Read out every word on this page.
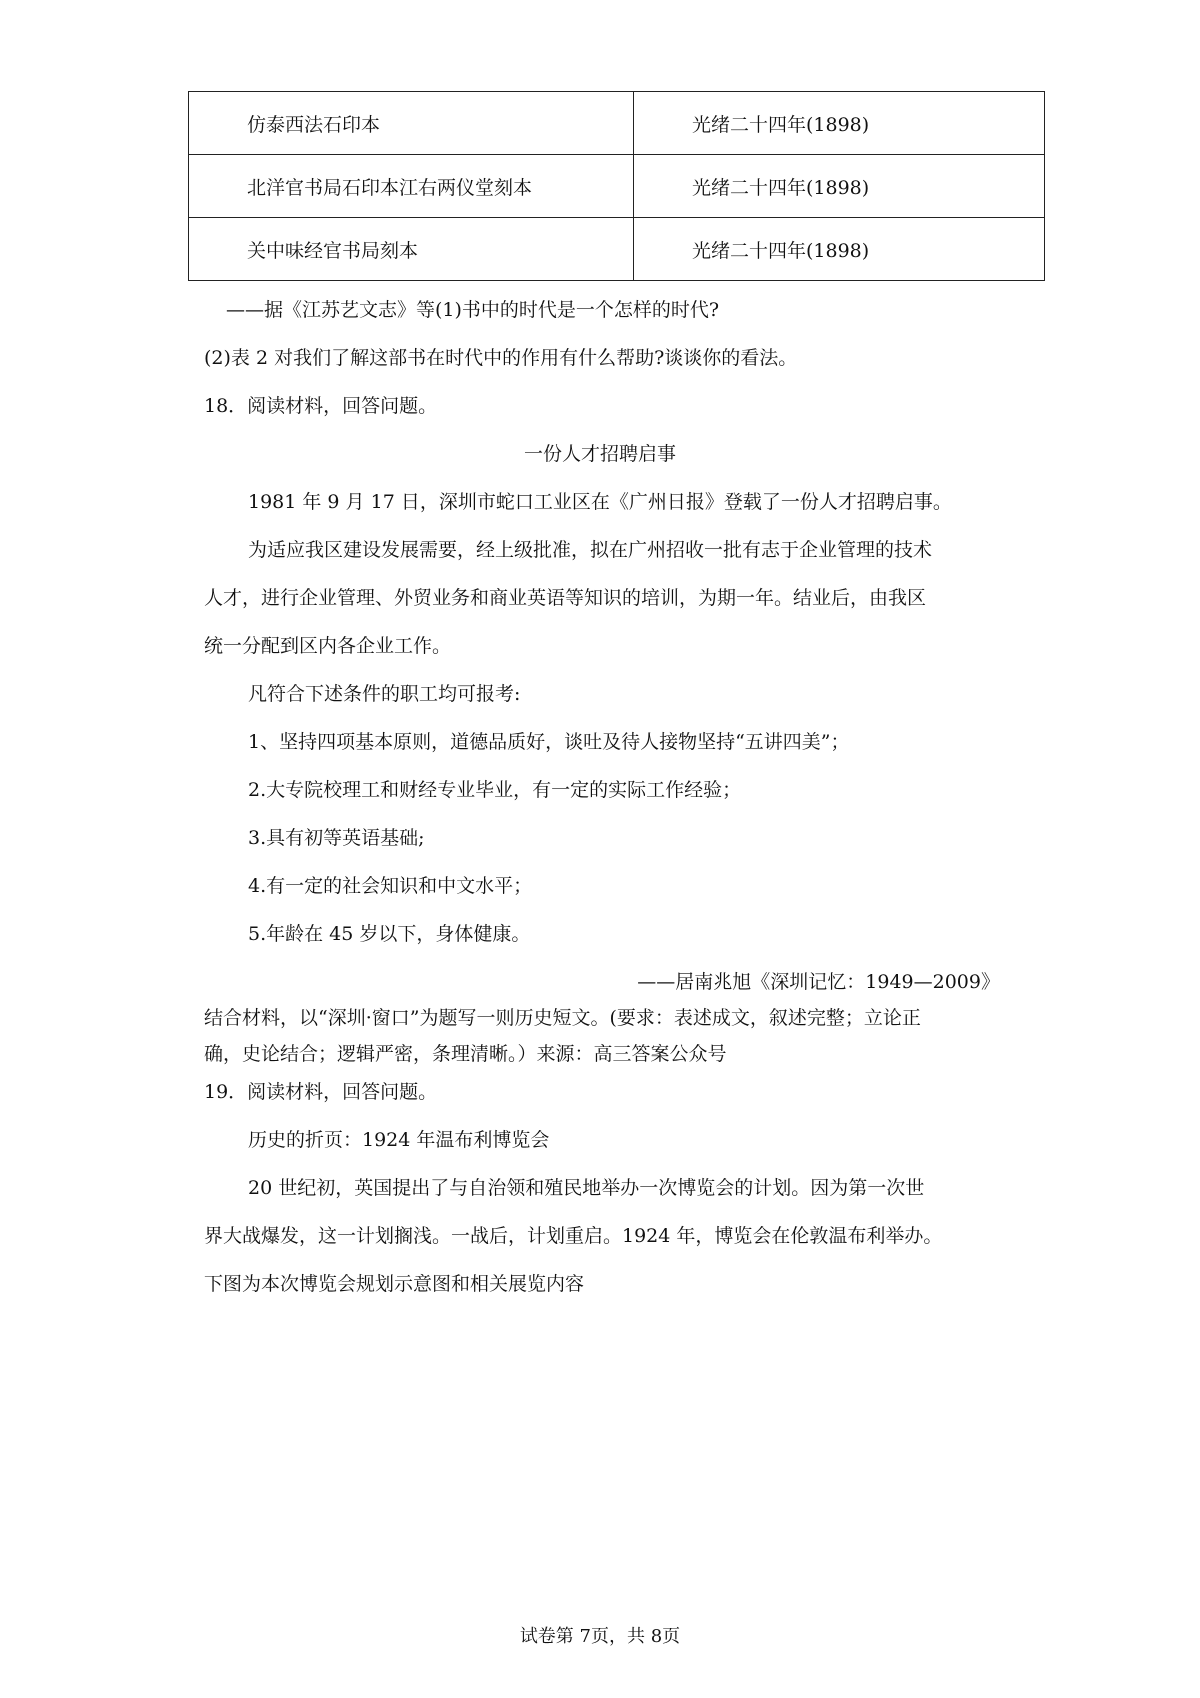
仿泰西法石印本	光绪二十四年(1898)
北洋官书局石印本江右两仪堂刻本	光绪二十四年(1898)
关中味经官书局刻本	光绪二十四年(1898)
——据《江苏艺文志》等(1)书中的时代是一个怎样的时代?
(2)表 2 对我们了解这部书在时代中的作用有什么帮助?谈谈你的看法。
18．阅读材料，回答问题。
一份人才招聘启事
1981 年 9 月 17 日，深圳市蛇口工业区在《广州日报》登载了一份人才招聘启事。
为适应我区建设发展需要，经上级批准，拟在广州招收一批有志于企业管理的技术
人才，进行企业管理、外贸业务和商业英语等知识的培训，为期一年。结业后，由我区
统一分配到区内各企业工作。
凡符合下述条件的职工均可报考:
1、坚持四项基本原则，道德品质好，谈吐及待人接物坚持“五讲四美”；
2.大专院校理工和财经专业毕业，有一定的实际工作经验；
3.具有初等英语基础;
4.有一定的社会知识和中文水平；
5.年龄在 45 岁以下，身体健康。
——居南兆旭《深圳记忆：1949—2009》
结合材料，以“深圳·窗口”为题写一则历史短文。(要求：表述成文，叙述完整；立论正
确，史论结合；逻辑严密，条理清晰。）来源：高三答案公众号
19．阅读材料，回答问题。
历史的折页：1924 年温布利博览会
20 世纪初，英国提出了与自治领和殖民地举办一次博览会的计划。因为第一次世
界大战爆发，这一计划搁浅。一战后，计划重启。1924 年，博览会在伦敦温布利举办。
下图为本次博览会规划示意图和相关展览内容
试卷第 7页，共 8页
